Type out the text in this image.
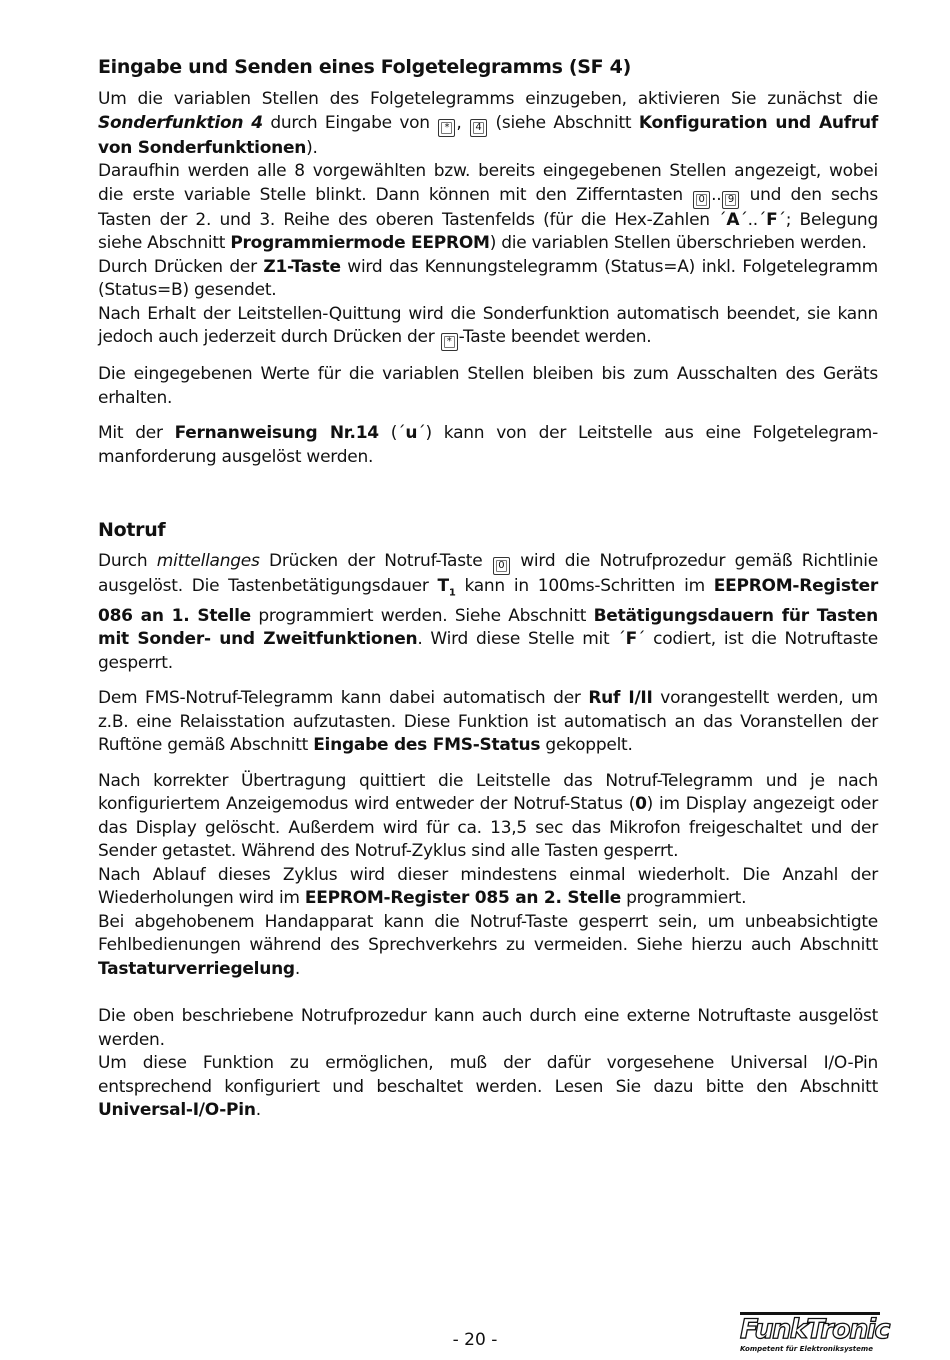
Eingabe und Senden eines Folgetelegramms (SF 4)

Um die variablen Stellen des Folgetelegramms einzugeben, aktivieren Sie zunächst die Sonderfunktion 4 durch Eingabe von * , 4 (siehe Abschnitt Konfiguration und Aufruf von Sonderfunktionen).

Daraufhin werden alle 8 vorgewählten bzw. bereits eingegebenen Stellen angezeigt, wobei die erste variable Stelle blinkt. Dann können mit den Zifferntasten 0 .. 9 und den sechs Tasten der 2. und 3. Reihe des oberen Tastenfelds (für die Hex-Zahlen ´A´..´F´; Belegung siehe Abschnitt Programmiermode EEPROM) die variablen Stellen überschrieben werden.

Durch Drücken der Z1-Taste wird das Kennungstelegramm (Status=A) inkl. Folgetelegramm (Status=B) gesendet.

Nach Erhalt der Leitstellen-Quittung wird die Sonderfunktion automatisch beendet, sie kann jedoch auch jederzeit durch Drücken der * -Taste beendet werden.

Die eingegebenen Werte für die variablen Stellen bleiben bis zum Ausschalten des Geräts erhalten.

Mit der Fernanweisung Nr.14 (´u´) kann von der Leitstelle aus eine Folgetelegram-manforderung ausgelöst werden.

Notruf

Durch mittellanges Drücken der Notruf-Taste 0 wird die Notrufprozedur gemäß Richtlinie ausgelöst. Die Tastenbetätigungsdauer $T_1$ kann in 100ms-Schritten im EEPROM-Register 086 an 1. Stelle programmiert werden. Siehe Abschnitt Betätigungsdauern für Tasten mit Sonder- und Zweitfunktionen. Wird diese Stelle mit ´F´ codiert, ist die Notruftaste gesperrt.

Dem FMS-Notruf-Telegramm kann dabei automatisch der Ruf I/II vorangestellt werden, um z.B. eine Relaisstation aufzutasten. Diese Funktion ist automatisch an das Voranstellen der Ruftöne gemäß Abschnitt Eingabe des FMS-Status gekoppelt.

Nach korrekter Übertragung quittiert die Leitstelle das Notruf-Telegramm und je nach konfiguriertem Anzeigemodus wird entweder der Notruf-Status (0) im Display angezeigt oder das Display gelöscht. Außerdem wird für ca. 13,5 sec das Mikrofon freigeschaltet und der Sender getastet. Während des Notruf-Zyklus sind alle Tasten gesperrt.

Nach Ablauf dieses Zyklus wird dieser mindestens einmal wiederholt. Die Anzahl der Wiederholungen wird im EEPROM-Register 085 an 2. Stelle programmiert.

Bei abgehobenem Handapparat kann die Notruf-Taste gesperrt sein, um unbeabsichtigte Fehlbedienungen während des Sprechverkehrs zu vermeiden. Siehe hierzu auch Abschnitt Tastaturverriegelung.

Die oben beschriebene Notrufprozedur kann auch durch eine externe Notruftaste ausgelöst werden.

Um diese Funktion zu ermöglichen, muß der dafür vorgesehene Universal I/O-Pin entsprechend konfiguriert und beschaltet werden. Lesen Sie dazu bitte den Abschnitt Universal-I/O-Pin.

- 20 -	FunkTronic
Kompetent für Elektroniksysteme
